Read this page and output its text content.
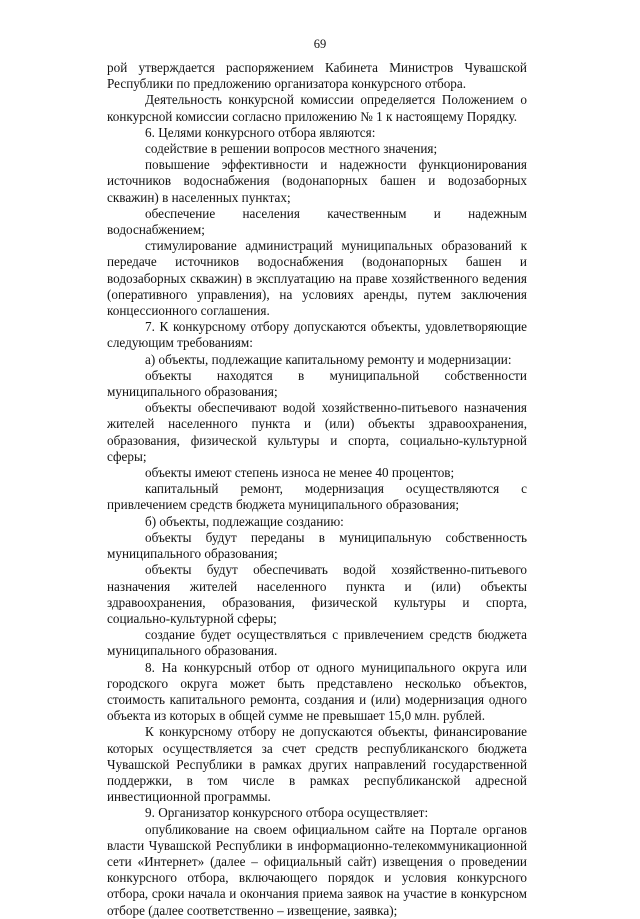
69

рой утверждается распоряжением Кабинета Министров Чувашской Республики по предложению организатора конкурсного отбора.

Деятельность конкурсной комиссии определяется Положением о конкурсной комиссии согласно приложению № 1 к настоящему Порядку.

6. Целями конкурсного отбора являются:

содействие в решении вопросов местного значения;

повышение эффективности и надежности функционирования источников водоснабжения (водонапорных башен и водозаборных скважин) в населенных пунктах;

обеспечение населения качественным и надежным водоснабжением;

стимулирование администраций муниципальных образований к передаче источников водоснабжения (водонапорных башен и водозаборных скважин) в эксплуатацию на праве хозяйственного ведения (оперативного управления), на условиях аренды, путем заключения концессионного соглашения.

7. К конкурсному отбору допускаются объекты, удовлетворяющие следующим требованиям:

а) объекты, подлежащие капитальному ремонту и модернизации:

объекты находятся в муниципальной собственности муниципального образования;

объекты обеспечивают водой хозяйственно-питьевого назначения жителей населенного пункта и (или) объекты здравоохранения, образования, физической культуры и спорта, социально-культурной сферы;

объекты имеют степень износа не менее 40 процентов;

капитальный ремонт, модернизация осуществляются с привлечением средств бюджета муниципального образования;

б) объекты, подлежащие созданию:

объекты будут переданы в муниципальную собственность муниципального образования;

объекты будут обеспечивать водой хозяйственно-питьевого назначения жителей населенного пункта и (или) объекты здравоохранения, образования, физической культуры и спорта, социально-культурной сферы;

создание будет осуществляться с привлечением средств бюджета муниципального образования.

8. На конкурсный отбор от одного муниципального округа или городского округа может быть представлено несколько объектов, стоимость капитального ремонта, создания и (или) модернизация одного объекта из которых в общей сумме не превышает 15,0 млн. рублей.

К конкурсному отбору не допускаются объекты, финансирование которых осуществляется за счет средств республиканского бюджета Чувашской Республики в рамках других направлений государственной поддержки, в том числе в рамках республиканской адресной инвестиционной программы.

9. Организатор конкурсного отбора осуществляет:

опубликование на своем официальном сайте на Портале органов власти Чувашской Республики в информационно-телекоммуникационной сети «Интернет» (далее – официальный сайт) извещения о проведении конкурсного отбора, включающего порядок и условия конкурсного отбора, сроки начала и окончания приема заявок на участие в конкурсном отборе (далее соответственно – извещение, заявка);
